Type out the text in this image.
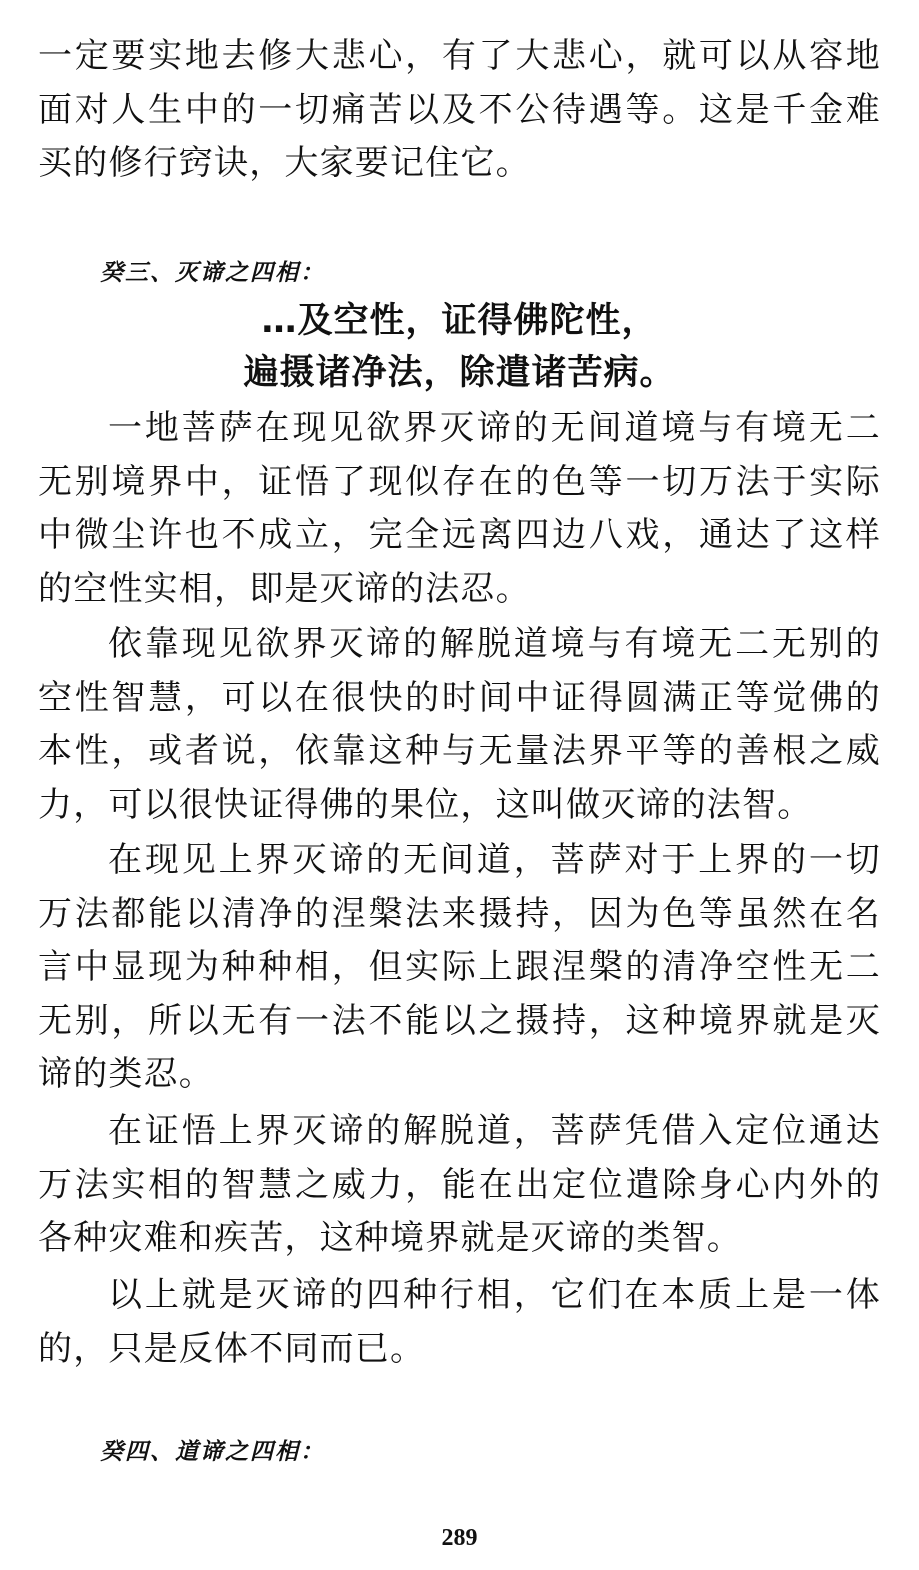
一定要实地去修大悲心，有了大悲心，就可以从容地面对人生中的一切痛苦以及不公待遇等。这是千金难买的修行窍诀，大家要记住它。

癸三、灭谛之四相：
…及空性，证得佛陀性，
遍摄诸净法，除遣诸苦病。

一地菩萨在现见欲界灭谛的无间道境与有境无二无别境界中，证悟了现似存在的色等一切万法于实际中微尘许也不成立，完全远离四边八戏，通达了这样的空性实相，即是灭谛的法忍。

依靠现见欲界灭谛的解脱道境与有境无二无别的空性智慧，可以在很快的时间中证得圆满正等觉佛的本性，或者说，依靠这种与无量法界平等的善根之威力，可以很快证得佛的果位，这叫做灭谛的法智。

在现见上界灭谛的无间道，菩萨对于上界的一切万法都能以清净的涅槃法来摄持，因为色等虽然在名言中显现为种种相，但实际上跟涅槃的清净空性无二无别，所以无有一法不能以之摄持，这种境界就是灭谛的类忍。

在证悟上界灭谛的解脱道，菩萨凭借入定位通达万法实相的智慧之威力，能在出定位遣除身心内外的各种灾难和疾苦，这种境界就是灭谛的类智。

以上就是灭谛的四种行相，它们在本质上是一体的，只是反体不同而已。

癸四、道谛之四相：
289
